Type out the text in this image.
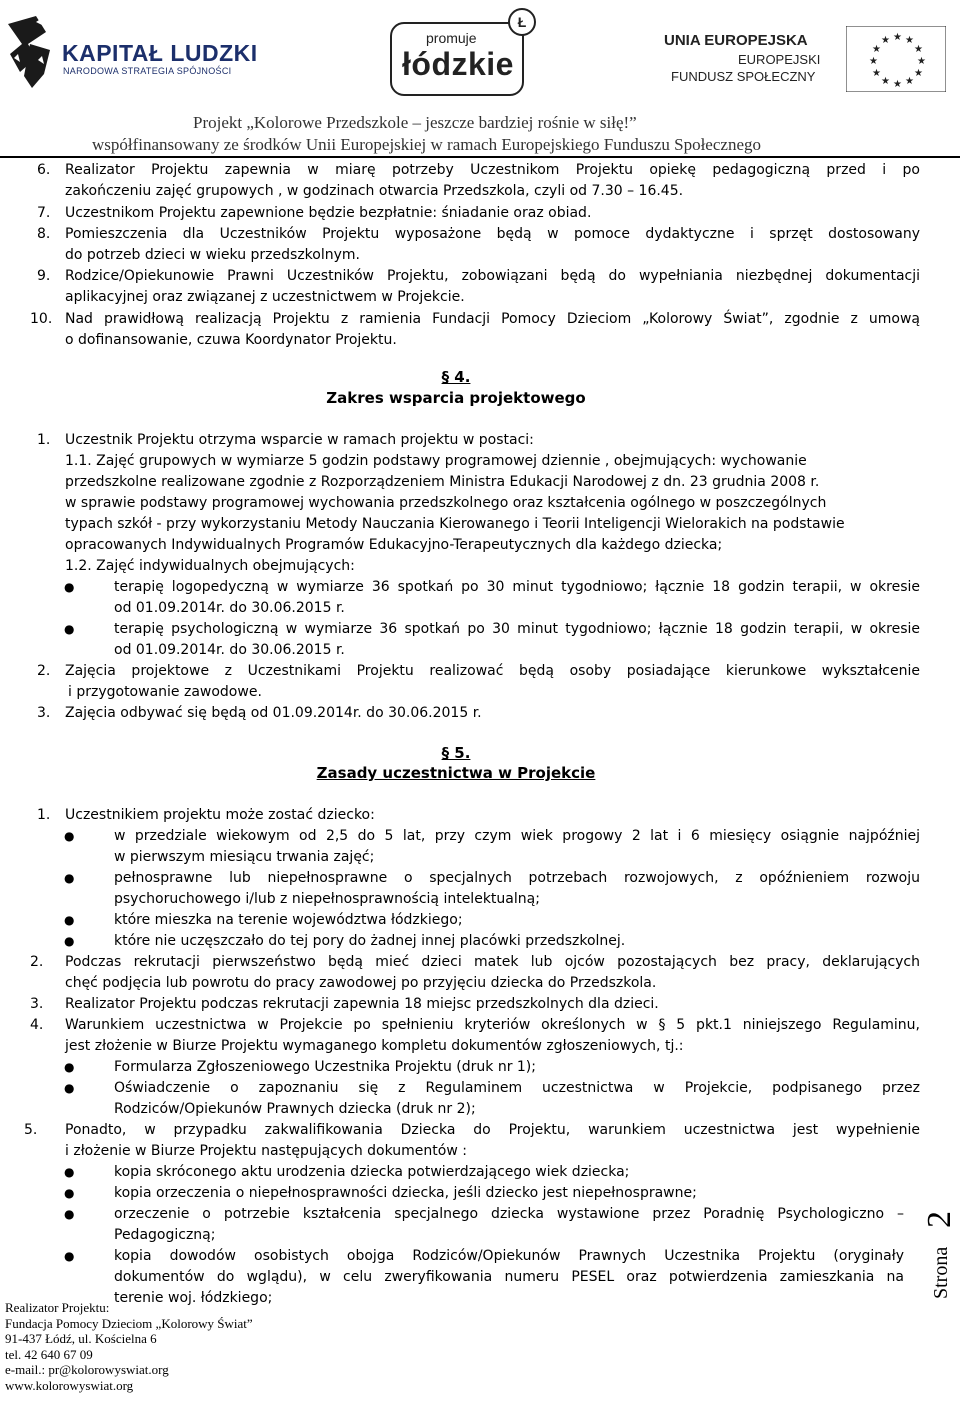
KAPITAŁ LUDZKI
NARODOWA STRATEGIA SPÓJNOŚCI
promuje
łódzkie
Ł
UNIA EUROPEJSKA
EUROPEJSKI
FUNDUSZ SPOŁECZNY
★ ★
★
★
★
★
★
★
★
★
★
★
Projekt „Kolorowe Przedszkole – jeszcze bardziej rośnie w siłę!”
współfinansowany ze środków Unii Europejskiej w ramach Europejskiego Funduszu Społecznego
6. Realizator Projektu zapewnia w miarę potrzeby Uczestnikom Projektu opiekę pedagogiczną przed i po
zakończeniu zajęć grupowych , w godzinach otwarcia Przedszkola, czyli od 7.30 – 16.45.
7. Uczestnikom Projektu zapewnione będzie bezpłatnie: śniadanie oraz obiad.
8. Pomieszczenia dla Uczestników Projektu wyposażone będą w pomoce dydaktyczne i sprzęt dostosowany
do potrzeb dzieci w wieku przedszkolnym.
9. Rodzice/Opiekunowie Prawni Uczestników Projektu, zobowiązani będą do wypełniania niezbędnej dokumentacji
aplikacyjnej oraz związanej z uczestnictwem w Projekcie.
10. Nad prawidłową realizacją Projektu z ramienia Fundacji Pomocy Dzieciom „Kolorowy Świat”, zgodnie z umową
o dofinansowanie, czuwa Koordynator Projektu.
§ 4.
Zakres wsparcia projektowego
1. Uczestnik Projektu otrzyma wsparcie w ramach projektu w postaci:
1.1. Zajęć grupowych w wymiarze 5 godzin podstawy programowej dziennie , obejmujących: wychowanie
przedszkolne realizowane zgodnie z Rozporządzeniem Ministra Edukacji Narodowej z dn. 23 grudnia 2008 r.
w sprawie podstawy programowej wychowania przedszkolnego oraz kształcenia ogólnego w poszczególnych
typach szkół - przy wykorzystaniu Metody Nauczania Kierowanego i Teorii Inteligencji Wielorakich na podstawie
opracowanych Indywidualnych Programów Edukacyjno-Terapeutycznych dla każdego dziecka;
1.2. Zajęć indywidualnych obejmujących:
●	terapię logopedyczną w wymiarze 36 spotkań po 30 minut tygodniowo; łącznie 18 godzin terapii, w okresie
od 01.09.2014r. do 30.06.2015 r.
●	terapię psychologiczną w wymiarze 36 spotkań po 30 minut tygodniowo; łącznie 18 godzin terapii, w okresie
od 01.09.2014r. do 30.06.2015 r.
2. Zajęcia projektowe z Uczestnikami Projektu realizować będą osoby posiadające kierunkowe wykształcenie
i przygotowanie zawodowe.
3. Zajęcia odbywać się będą od 01.09.2014r. do 30.06.2015 r.
§ 5.
Zasady uczestnictwa w Projekcie
1. Uczestnikiem projektu może zostać dziecko:
●	w przedziale wiekowym od 2,5 do 5 lat, przy czym wiek progowy 2 lat i 6 miesięcy osiągnie najpóźniej
w pierwszym miesiącu trwania zajęć;
●	pełnosprawne lub niepełnosprawne o specjalnych potrzebach rozwojowych, z opóźnieniem rozwoju
psychoruchowego i/lub z niepełnosprawnością intelektualną;
●	które mieszka na terenie województwa łódzkiego;
●	które nie uczęszczało do tej pory do żadnej innej placówki przedszkolnej.
2. Podczas rekrutacji pierwszeństwo będą mieć dzieci matek lub ojców pozostających bez pracy, deklarujących
chęć podjęcia lub powrotu do pracy zawodowej po przyjęciu dziecka do Przedszkola.
3. Realizator Projektu podczas rekrutacji zapewnia 18 miejsc przedszkolnych dla dzieci.
4. Warunkiem uczestnictwa w Projekcie po spełnieniu kryteriów określonych w § 5 pkt.1 niniejszego Regulaminu,
jest złożenie w Biurze Projektu wymaganego kompletu dokumentów zgłoszeniowych, tj.:
●	Formularza Zgłoszeniowego Uczestnika Projektu (druk nr 1);
●	Oświadczenie o zapoznaniu się z Regulaminem uczestnictwa w Projekcie, podpisanego przez
Rodziców/Opiekunów Prawnych dziecka (druk nr 2);
5. Ponadto, w przypadku zakwalifikowania Dziecka do Projektu, warunkiem uczestnictwa jest wypełnienie
i złożenie w Biurze Projektu następujących dokumentów :
●	kopia skróconego aktu urodzenia dziecka potwierdzającego wiek dziecka;
●	kopia orzeczenia o niepełnosprawności dziecka, jeśli dziecko jest niepełnosprawne;
●	orzeczenie o potrzebie kształcenia specjalnego dziecka wystawione przez Poradnię Psychologiczno –
Pedagogiczną;
●	kopia dowodów osobistych obojga Rodziców/Opiekunów Prawnych Uczestnika Projektu (oryginały
dokumentów do wglądu), w celu zweryfikowania numeru PESEL oraz potwierdzenia zamieszkania na
terenie woj. łódzkiego;
Realizator Projektu:
Fundacja Pomocy Dzieciom „Kolorowy Świat”
91-437 Łódź, ul. Kościelna 6
tel. 42 640 67 09
e-mail.: pr@kolorowyswiat.org
www.kolorowyswiat.org
Strona
2
